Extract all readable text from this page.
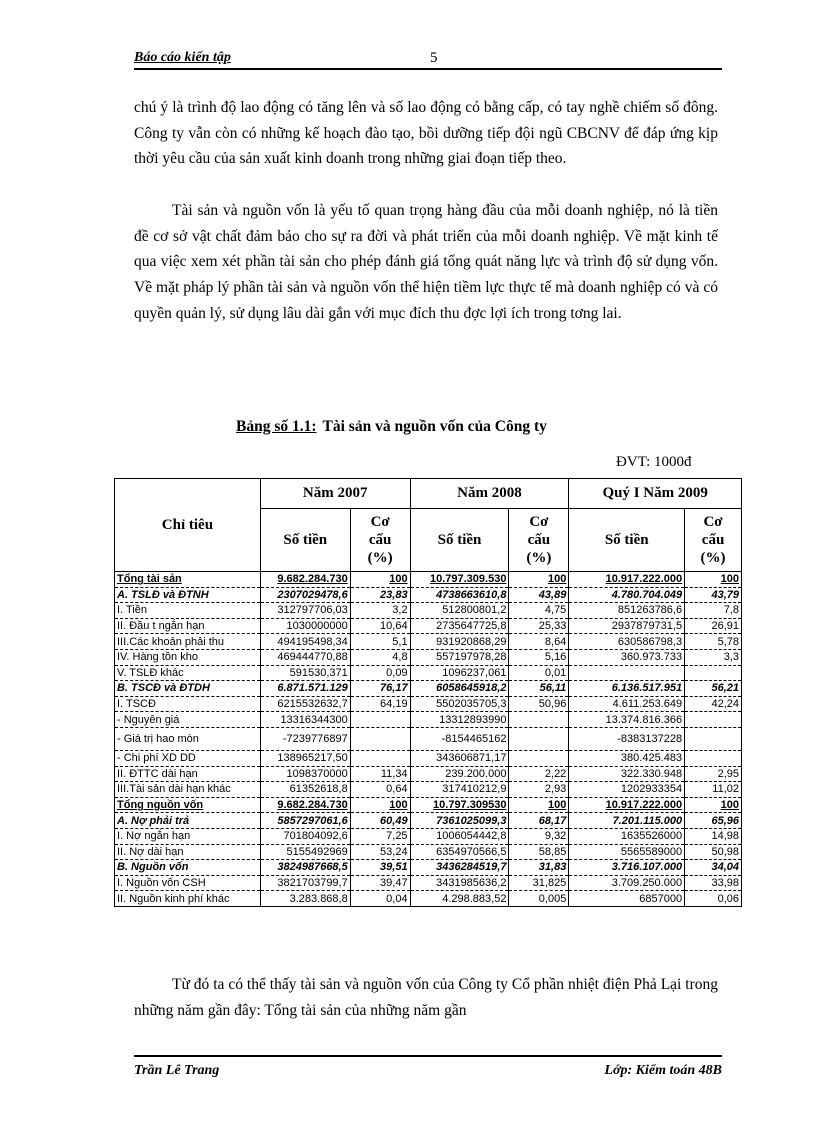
Báo cáo kiến tập	5

chú ý là trình độ lao động có tăng lên và số lao động có bằng cấp, có tay nghề chiếm số đông. Công ty vẫn còn có những kế hoạch đào tạo, bồi dưỡng tiếp đội ngũ CBCNV để đáp ứng kịp thời yêu cầu của sản xuất kinh doanh trong những giai đoạn tiếp theo.

Tài sản và nguồn vốn là yếu tố quan trọng hàng đầu của mỗi doanh nghiệp, nó là tiền đề cơ sở vật chất đảm bảo cho sự ra đời và phát triển của mỗi doanh nghiệp. Về mặt kinh tế qua việc xem xét phần tài sản cho phép đánh giá tổng quát năng lực và trình độ sử dụng vốn. Về mặt pháp lý phần tài sản và nguồn vốn thể hiện tiềm lực thực tế mà doanh nghiệp có và có quyền quản lý, sử dụng lâu dài gắn với mục đích thu đợc lợi ích trong tơng lai.

Bảng số 1.1: Tài sản và nguồn vốn của Công ty
ĐVT: 1000đ
Chỉ tiêu	Năm 2007		Năm 2008		Quý I Năm 2009	
	Số tiền	Cơ
cấu
(%)	Số tiền	Cơ
cấu
(%)	Số tiền	Cơ
cấu
(%)
Tổng tài sản	9.682.284.730	100	10.797.309.530	100	10.917.222.000	100
A. TSLĐ và ĐTNH	2307029478,6	23,83	4738663610,8	43,89	4.780.704.049	43,79
I. Tiền	312797706,03	3,2	512800801,2	4,75	851263786,6	7,8
II. Đầu t ngắn hạn	1030000000	10,64	2735647725,8	25,33	2937879731,5	26,91
III.Các khoản phải thu	494195498,34	5,1	931920868,29	8,64	630586798,3	5,78
IV. Hàng tồn kho	469444770,88	4,8	557197978,28	5,16	360.973.733	3,3
V. TSLĐ khác	591530,371	0,09	1096237,061	0,01		
B. TSCĐ và ĐTDH	6.871.571.129	76,17	6058645918,2	56,11	6.136.517.951	56,21
I. TSCĐ	6215532632,7	64,19	5502035705,3	50,96	4.611.253.649	42,24
- Nguyên giá	13316344300		13312893990		13.374.816.366	
- Giá trị hao mòn	-7239776897		-8154465162		-8383137228	
- Chi phí XD DD	138965217,50		343606871,17		380.425.483	
II. ĐTTC dài hạn	1098370000	11,34	239.200.000	2,22	322.330.948	2,95
III.Tài sản dài hạn khác	61352618,8	0,64	317410212,9	2,93	1202933354	11,02
Tổng nguồn vốn	9.682.284.730	100	10.797.309530	100	10.917.222.000	100
A. Nợ phải trả	5857297061,6	60,49	7361025099,3	68,17	7.201.115.000	65,96
I. Nợ ngắn hạn	701804092,6	7,25	1006054442,8	9,32	1635526000	14,98
II. Nợ dài hạn	5155492969	53,24	6354970566,5	58,85	5565589000	50,98
B. Nguồn vốn	3824987668,5	39,51	3436284519,7	31,83	3.716.107.000	34,04
I. Nguồn vốn CSH	3821703799,7	39,47	3431985636,2	31,825	3.709.250.000	33,98
II. Nguồn kinh phí khác	3.283.868,8	0,04	4.298.883,52	0,005	6857000	0,06

Từ đó ta có thể thấy tài sản và nguồn vốn của Công ty Cổ phần nhiệt điện Phả Lại trong những năm gần đây: Tổng tài sản của những năm gần

Trần Lê Trang	Lớp: Kiểm toán 48B
